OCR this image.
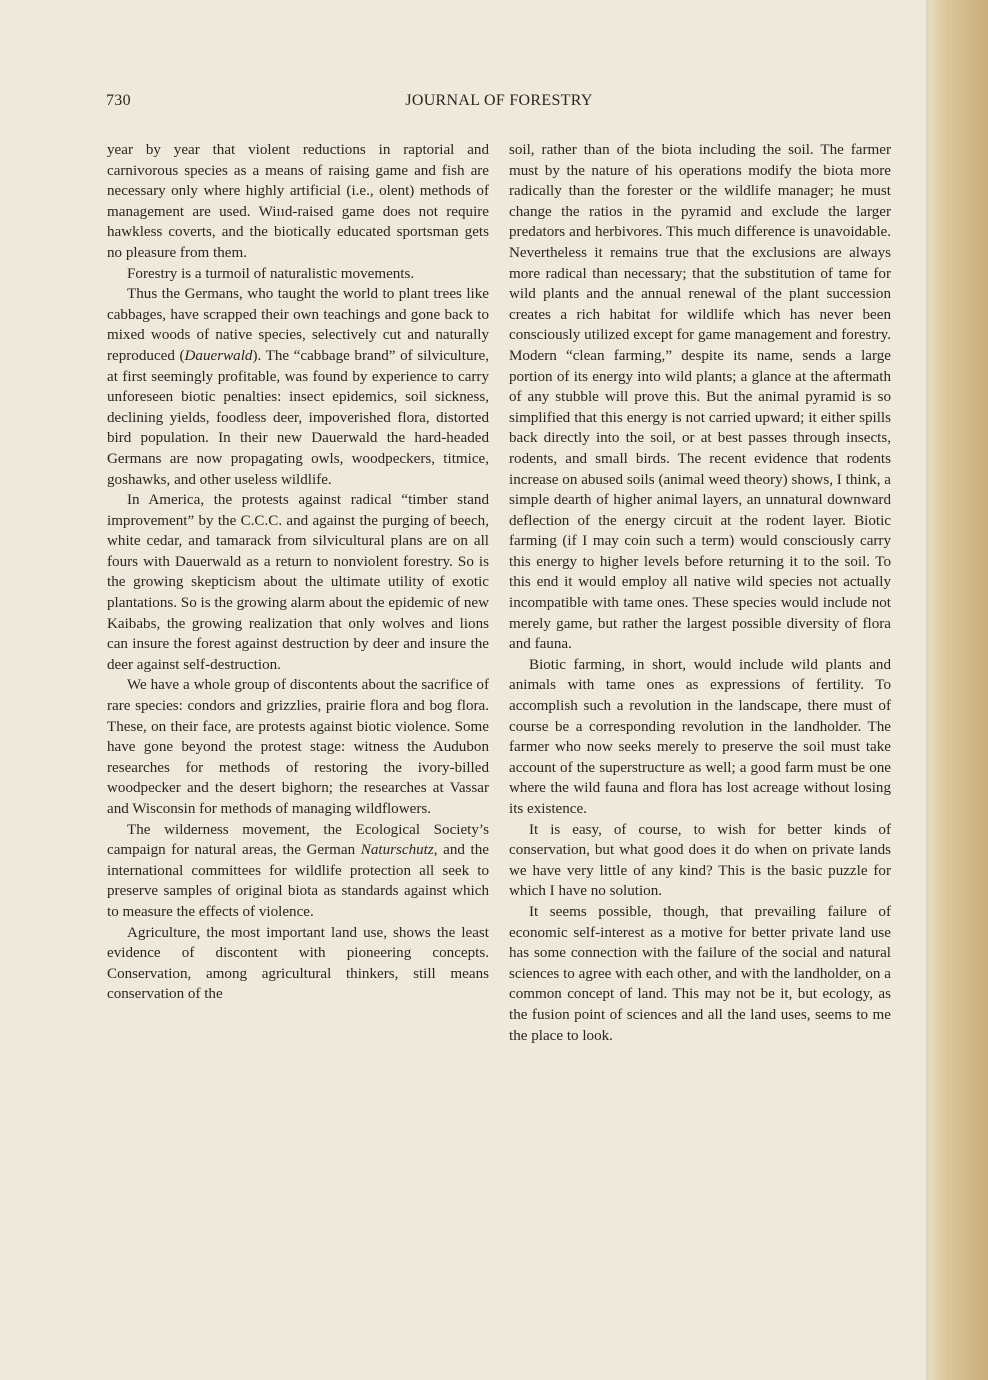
730	JOURNAL OF FORESTRY

year by year that violent reductions in raptorial and carnivorous species as a means of raising game and fish are necessary only where highly artificial (i.e., olent) methods of management are used. Wiııd-raised game does not require hawkless coverts, and the biotically educated sportsman gets no pleasure from them.

Forestry is a turmoil of naturalistic movements.

Thus the Germans, who taught the world to plant trees like cabbages, have scrapped their own teachings and gone back to mixed woods of native species, selectively cut and naturally reproduced (Dauerwald). The “cabbage brand” of silviculture, at first seemingly profitable, was found by experience to carry unforeseen biotic penalties: insect epidemics, soil sickness, declining yields, foodless deer, impoverished flora, distorted bird population. In their new Dauerwald the hard-headed Germans are now propagating owls, woodpeckers, titmice, goshawks, and other useless wildlife.

In America, the protests against radical “timber stand improvement” by the C.C.C. and against the purging of beech, white cedar, and tamarack from silvicultural plans are on all fours with Dauerwald as a return to nonviolent forestry. So is the growing skepticism about the ultimate utility of exotic plantations. So is the growing alarm about the epidemic of new Kaibabs, the growing realization that only wolves and lions can insure the forest against destruction by deer and insure the deer against self-destruction.

We have a whole group of discontents about the sacrifice of rare species: condors and grizzlies, prairie flora and bog flora. These, on their face, are protests against biotic violence. Some have gone beyond the protest stage: witness the Audubon researches for methods of restoring the ivory-billed woodpecker and the desert bighorn; the researches at Vassar and Wisconsin for methods of managing wildflowers.

The wilderness movement, the Ecological Society’s campaign for natural areas, the German Naturschutz, and the international committees for wildlife protection all seek to preserve samples of original biota as standards against which to measure the effects of violence.

Agriculture, the most important land use, shows the least evidence of discontent with pioneering concepts. Conservation, among agricultural thinkers, still means conservation of the

soil, rather than of the biota including the soil. The farmer must by the nature of his operations modify the biota more radically than the forester or the wildlife manager; he must change the ratios in the pyramid and exclude the larger predators and herbivores. This much difference is unavoidable. Nevertheless it remains true that the exclusions are always more radical than necessary; that the substitution of tame for wild plants and the annual renewal of the plant succession creates a rich habitat for wildlife which has never been consciously utilized except for game management and forestry. Modern “clean farming,” despite its name, sends a large portion of its energy into wild plants; a glance at the aftermath of any stubble will prove this. But the animal pyramid is so simplified that this energy is not carried upward; it either spills back directly into the soil, or at best passes through insects, rodents, and small birds. The recent evidence that rodents increase on abused soils (animal weed theory) shows, I think, a simple dearth of higher animal layers, an unnatural downward deflection of the energy circuit at the rodent layer. Biotic farming (if I may coin such a term) would consciously carry this energy to higher levels before returning it to the soil. To this end it would employ all native wild species not actually incompatible with tame ones. These species would include not merely game, but rather the largest possible diversity of flora and fauna.

Biotic farming, in short, would include wild plants and animals with tame ones as expressions of fertility. To accomplish such a revolution in the landscape, there must of course be a corresponding revolution in the landholder. The farmer who now seeks merely to preserve the soil must take account of the superstructure as well; a good farm must be one where the wild fauna and flora has lost acreage without losing its existence.

It is easy, of course, to wish for better kinds of conservation, but what good does it do when on private lands we have very little of any kind? This is the basic puzzle for which I have no solution.

It seems possible, though, that prevailing failure of economic self-interest as a motive for better private land use has some connection with the failure of the social and natural sciences to agree with each other, and with the landholder, on a common concept of land. This may not be it, but ecology, as the fusion point of sciences and all the land uses, seems to me the place to look.
